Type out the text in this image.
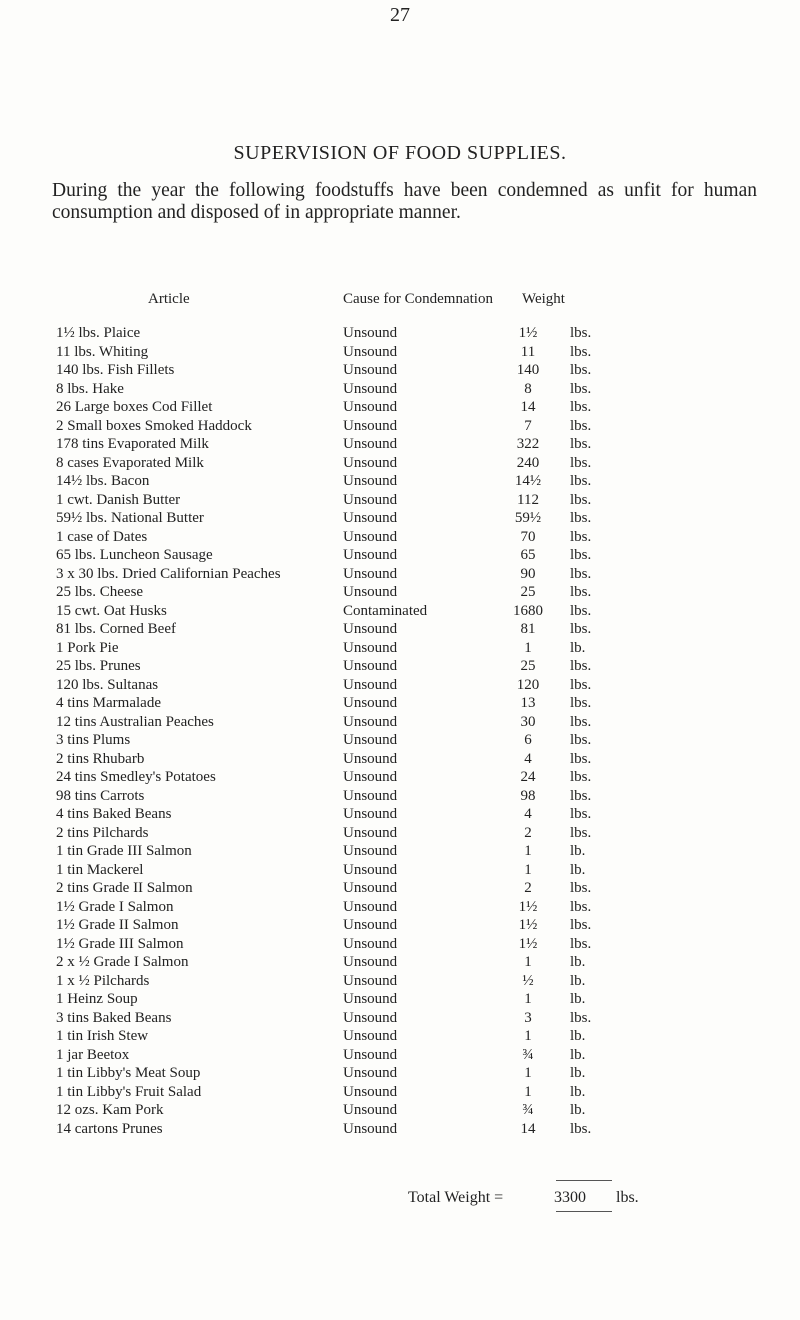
27
SUPERVISION OF FOOD SUPPLIES.

During the year the following foodstuffs have been condemned as unfit for human consumption and disposed of in appropriate manner.

Article	Cause for Condemnation	Weight
1½ lbs. Plaice	Unsound	1½	lbs.
11 lbs. Whiting	Unsound	11	lbs.
140 lbs. Fish Fillets	Unsound	140	lbs.
8 lbs. Hake	Unsound	8	lbs.
26 Large boxes Cod Fillet	Unsound	14	lbs.
2 Small boxes Smoked Haddock	Unsound	7	lbs.
178 tins Evaporated Milk	Unsound	322	lbs.
8 cases Evaporated Milk	Unsound	240	lbs.
14½ lbs. Bacon	Unsound	14½	lbs.
1 cwt. Danish Butter	Unsound	112	lbs.
59½ lbs. National Butter	Unsound	59½	lbs.
1 case of Dates	Unsound	70	lbs.
65 lbs. Luncheon Sausage	Unsound	65	lbs.
3 x 30 lbs. Dried Californian Peaches	Unsound	90	lbs.
25 lbs. Cheese	Unsound	25	lbs.
15 cwt. Oat Husks	Contaminated	1680	lbs.
81 lbs. Corned Beef	Unsound	81	lbs.
1 Pork Pie	Unsound	1	lb.
25 lbs. Prunes	Unsound	25	lbs.
120 lbs. Sultanas	Unsound	120	lbs.
4 tins Marmalade	Unsound	13	lbs.
12 tins Australian Peaches	Unsound	30	lbs.
3 tins Plums	Unsound	6	lbs.
2 tins Rhubarb	Unsound	4	lbs.
24 tins Smedley's Potatoes	Unsound	24	lbs.
98 tins Carrots	Unsound	98	lbs.
4 tins Baked Beans	Unsound	4	lbs.
2 tins Pilchards	Unsound	2	lbs.
1 tin Grade III Salmon	Unsound	1	lb.
1 tin Mackerel	Unsound	1	lb.
2 tins Grade II Salmon	Unsound	2	lbs.
1½ Grade I Salmon	Unsound	1½	lbs.
1½ Grade II Salmon	Unsound	1½	lbs.
1½ Grade III Salmon	Unsound	1½	lbs.
2 x ½ Grade I Salmon	Unsound	1	lb.
1 x ½ Pilchards	Unsound	½	lb.
1 Heinz Soup	Unsound	1	lb.
3 tins Baked Beans	Unsound	3	lbs.
1 tin Irish Stew	Unsound	1	lb.
1 jar Beetox	Unsound	¾	lb.
1 tin Libby's Meat Soup	Unsound	1	lb.
1 tin Libby's Fruit Salad	Unsound	1	lb.
12 ozs. Kam Pork	Unsound	¾	lb.
14 cartons Prunes	Unsound	14	lbs.
Total Weight =	3300 lbs.
